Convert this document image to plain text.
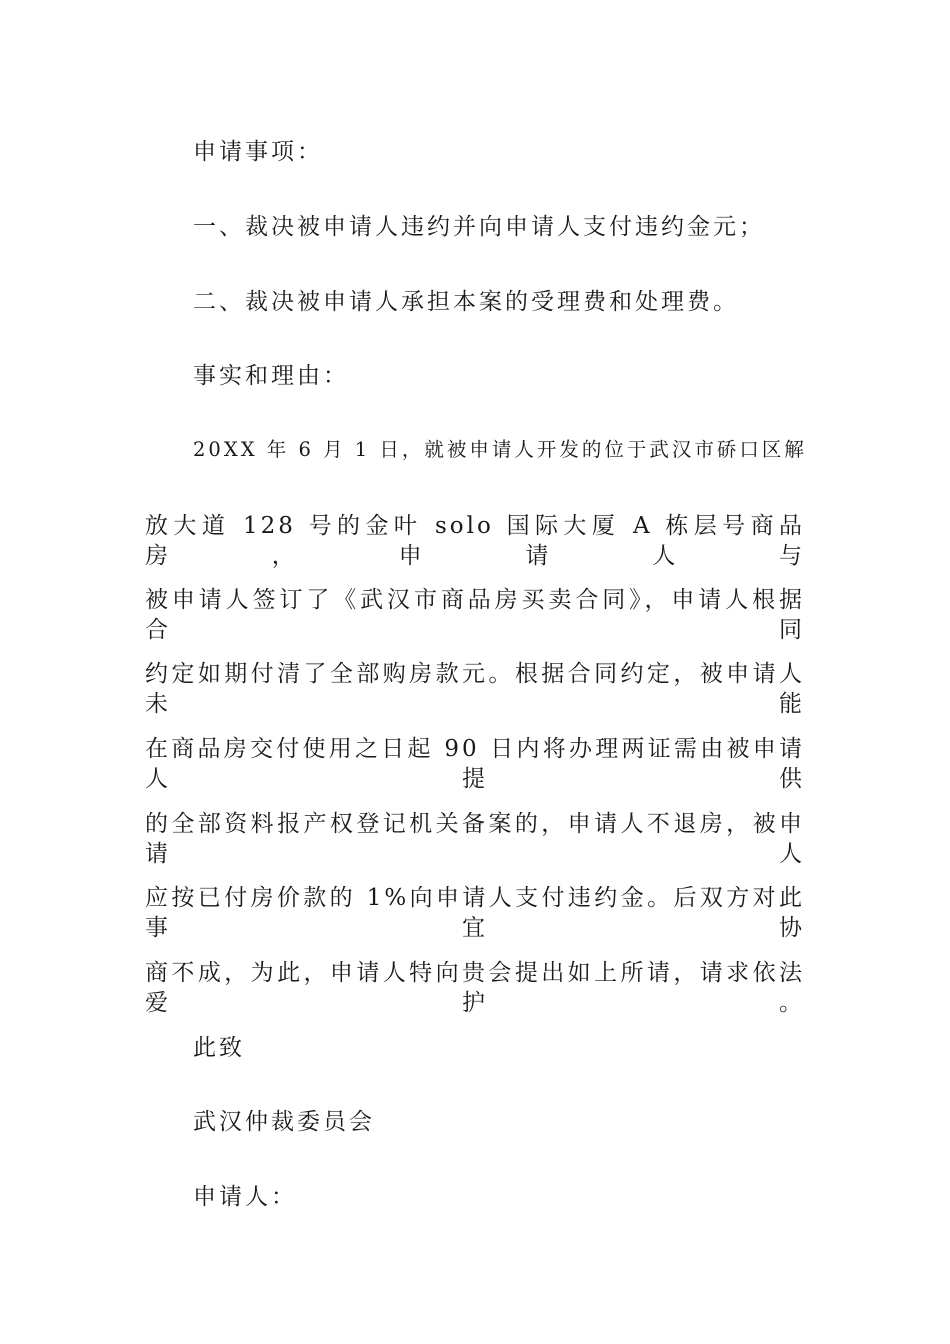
申请事项：
一、裁决被申请人违约并向申请人支付违约金元；
二、裁决被申请人承担本案的受理费和处理费。
事实和理由：
20XX 年 6 月 1 日，就被申请人开发的位于武汉市硚口区解
放大道 128 号的金叶 solo 国际大厦 A 栋层号商品房，申请人与
被申请人签订了《武汉市商品房买卖合同》，申请人根据合同
约定如期付清了全部购房款元。根据合同约定，被申请人未能
在商品房交付使用之日起 90 日内将办理两证需由被申请人提供
的全部资料报产权登记机关备案的，申请人不退房，被申请人
应按已付房价款的 1%向申请人支付违约金。后双方对此事宜协
商不成，为此，申请人特向贵会提出如上所请，请求依法爱护。
此致
武汉仲裁委员会
申请人：
